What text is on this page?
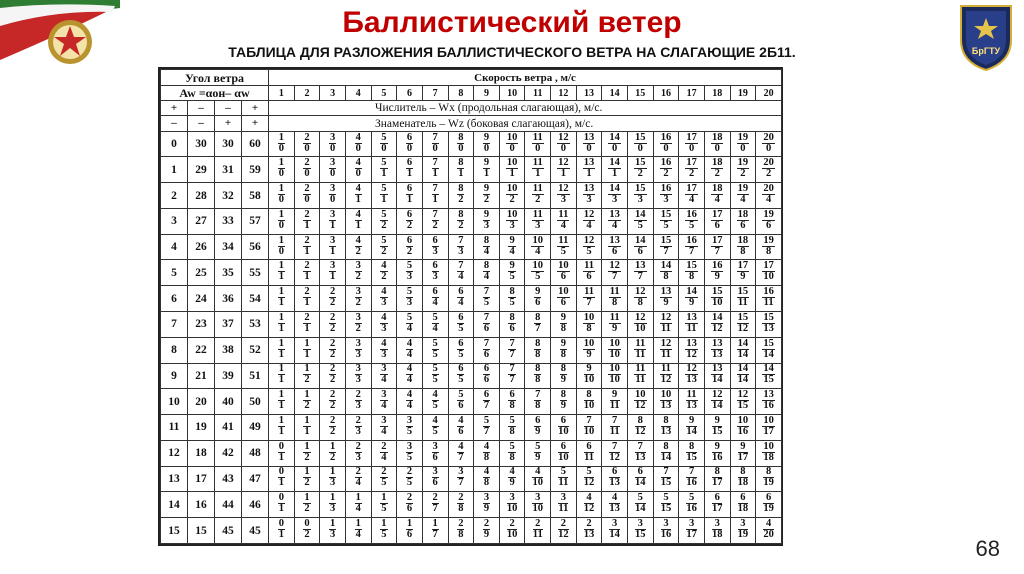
БрГТУ
Баллистический ветер
ТАБЛИЦА ДЛЯ РАЗЛОЖЕНИЯ БАЛЛИСТИЧЕСКОГО ВЕТРА НА СЛАГАЮЩИЕ 2Б11.
Угол ветра				Скорость ветра , м/с																			
Aw =αон– αw				1	2	3	4	5	6	7	8	9	10	11	12	13	14	15	16	17	18	19	20
+	–	–	+	Числитель – Wx (продольная слагающая), м/с.																			
–	–	+	+	Знаменатель – Wz (боковая слагающая), м/с.																			
0	30	30	60	$\frac{1}{0}$	$\frac{2}{0}$	$\frac{3}{0}$	$\frac{4}{0}$	$\frac{5}{0}$	$\frac{6}{0}$	$\frac{7}{0}$	$\frac{8}{0}$	$\frac{9}{0}$	$\frac{10}{0}$	$\frac{11}{0}$	$\frac{12}{0}$	$\frac{13}{0}$	$\frac{14}{0}$	$\frac{15}{0}$	$\frac{16}{0}$	$\frac{17}{0}$	$\frac{18}{0}$	$\frac{19}{0}$	$\frac{20}{0}$

1	29	31	59	$\frac{1}{0}$	$\frac{2}{0}$	$\frac{3}{0}$	$\frac{4}{0}$	$\frac{5}{1}$	$\frac{6}{1}$	$\frac{7}{1}$	$\frac{8}{1}$	$\frac{9}{1}$	$\frac{10}{1}$	$\frac{11}{1}$	$\frac{12}{1}$	$\frac{13}{1}$	$\frac{14}{1}$	$\frac{15}{2}$	$\frac{16}{2}$	$\frac{17}{2}$	$\frac{18}{2}$	$\frac{19}{2}$	$\frac{20}{2}$

2	28	32	58	$\frac{1}{0}$	$\frac{2}{0}$	$\frac{3}{0}$	$\frac{4}{1}$	$\frac{5}{1}$	$\frac{6}{1}$	$\frac{7}{1}$	$\frac{8}{2}$	$\frac{9}{2}$	$\frac{10}{2}$	$\frac{11}{2}$	$\frac{12}{3}$	$\frac{13}{3}$	$\frac{14}{3}$	$\frac{15}{3}$	$\frac{16}{3}$	$\frac{17}{4}$	$\frac{18}{4}$	$\frac{19}{4}$	$\frac{20}{4}$

3	27	33	57	$\frac{1}{0}$	$\frac{2}{1}$	$\frac{3}{1}$	$\frac{4}{1}$	$\frac{5}{2}$	$\frac{6}{2}$	$\frac{7}{2}$	$\frac{8}{2}$	$\frac{9}{3}$	$\frac{10}{3}$	$\frac{11}{3}$	$\frac{11}{4}$	$\frac{12}{4}$	$\frac{13}{4}$	$\frac{14}{5}$	$\frac{15}{5}$	$\frac{16}{5}$	$\frac{17}{6}$	$\frac{18}{6}$	$\frac{19}{6}$

4	26	34	56	$\frac{1}{0}$	$\frac{2}{1}$	$\frac{3}{1}$	$\frac{4}{2}$	$\frac{5}{2}$	$\frac{6}{2}$	$\frac{6}{3}$	$\frac{7}{3}$	$\frac{8}{4}$	$\frac{9}{4}$	$\frac{10}{4}$	$\frac{11}{5}$	$\frac{12}{5}$	$\frac{13}{6}$	$\frac{14}{6}$	$\frac{15}{7}$	$\frac{16}{7}$	$\frac{17}{7}$	$\frac{18}{8}$	$\frac{19}{8}$

5	25	35	55	$\frac{1}{1}$	$\frac{2}{1}$	$\frac{3}{1}$	$\frac{3}{2}$	$\frac{4}{2}$	$\frac{5}{3}$	$\frac{6}{3}$	$\frac{7}{4}$	$\frac{8}{4}$	$\frac{9}{5}$	$\frac{10}{5}$	$\frac{10}{6}$	$\frac{11}{6}$	$\frac{12}{7}$	$\frac{13}{7}$	$\frac{14}{8}$	$\frac{15}{8}$	$\frac{16}{9}$	$\frac{17}{9}$	$\frac{17}{10}$

6	24	36	54	$\frac{1}{1}$	$\frac{2}{1}$	$\frac{2}{2}$	$\frac{3}{2}$	$\frac{4}{3}$	$\frac{5}{3}$	$\frac{6}{4}$	$\frac{6}{4}$	$\frac{7}{5}$	$\frac{8}{5}$	$\frac{9}{6}$	$\frac{10}{6}$	$\frac{11}{7}$	$\frac{11}{8}$	$\frac{12}{8}$	$\frac{13}{9}$	$\frac{14}{9}$	$\frac{15}{10}$	$\frac{15}{11}$	$\frac{16}{11}$

7	23	37	53	$\frac{1}{1}$	$\frac{2}{1}$	$\frac{2}{2}$	$\frac{3}{2}$	$\frac{4}{3}$	$\frac{5}{4}$	$\frac{5}{4}$	$\frac{6}{5}$	$\frac{7}{6}$	$\frac{8}{6}$	$\frac{8}{7}$	$\frac{9}{8}$	$\frac{10}{8}$	$\frac{11}{9}$	$\frac{12}{10}$	$\frac{12}{11}$	$\frac{13}{11}$	$\frac{14}{12}$	$\frac{15}{12}$	$\frac{15}{13}$

8	22	38	52	$\frac{1}{1}$	$\frac{1}{1}$	$\frac{2}{2}$	$\frac{3}{3}$	$\frac{4}{3}$	$\frac{4}{4}$	$\frac{5}{5}$	$\frac{6}{5}$	$\frac{7}{6}$	$\frac{7}{7}$	$\frac{8}{8}$	$\frac{9}{8}$	$\frac{10}{9}$	$\frac{10}{10}$	$\frac{11}{11}$	$\frac{12}{11}$	$\frac{13}{12}$	$\frac{13}{13}$	$\frac{14}{14}$	$\frac{15}{14}$

9	21	39	51	$\frac{1}{1}$	$\frac{1}{2}$	$\frac{2}{2}$	$\frac{3}{3}$	$\frac{3}{4}$	$\frac{4}{4}$	$\frac{5}{5}$	$\frac{6}{5}$	$\frac{6}{6}$	$\frac{7}{7}$	$\frac{8}{8}$	$\frac{8}{9}$	$\frac{9}{10}$	$\frac{10}{10}$	$\frac{11}{11}$	$\frac{11}{12}$	$\frac{12}{13}$	$\frac{13}{14}$	$\frac{14}{14}$	$\frac{14}{15}$

10	20	40	50	$\frac{1}{1}$	$\frac{1}{2}$	$\frac{2}{2}$	$\frac{2}{3}$	$\frac{3}{4}$	$\frac{4}{4}$	$\frac{4}{5}$	$\frac{5}{6}$	$\frac{6}{7}$	$\frac{6}{8}$	$\frac{7}{8}$	$\frac{8}{9}$	$\frac{8}{10}$	$\frac{9}{11}$	$\frac{10}{12}$	$\frac{10}{13}$	$\frac{11}{13}$	$\frac{12}{14}$	$\frac{12}{15}$	$\frac{13}{16}$

11	19	41	49	$\frac{1}{1}$	$\frac{1}{1}$	$\frac{2}{2}$	$\frac{2}{3}$	$\frac{3}{4}$	$\frac{3}{5}$	$\frac{4}{5}$	$\frac{4}{6}$	$\frac{5}{7}$	$\frac{5}{8}$	$\frac{6}{9}$	$\frac{6}{10}$	$\frac{7}{10}$	$\frac{7}{11}$	$\frac{8}{12}$	$\frac{8}{13}$	$\frac{9}{14}$	$\frac{9}{15}$	$\frac{10}{16}$	$\frac{10}{17}$

12	18	42	48	$\frac{0}{1}$	$\frac{1}{2}$	$\frac{1}{2}$	$\frac{2}{3}$	$\frac{2}{4}$	$\frac{3}{5}$	$\frac{3}{6}$	$\frac{4}{7}$	$\frac{4}{8}$	$\frac{5}{8}$	$\frac{5}{9}$	$\frac{6}{10}$	$\frac{6}{11}$	$\frac{7}{12}$	$\frac{7}{13}$	$\frac{8}{14}$	$\frac{8}{15}$	$\frac{9}{16}$	$\frac{9}{17}$	$\frac{10}{18}$

13	17	43	47	$\frac{0}{1}$	$\frac{1}{2}$	$\frac{1}{3}$	$\frac{2}{4}$	$\frac{2}{5}$	$\frac{2}{5}$	$\frac{3}{6}$	$\frac{3}{7}$	$\frac{4}{8}$	$\frac{4}{9}$	$\frac{4}{10}$	$\frac{5}{11}$	$\frac{5}{12}$	$\frac{6}{13}$	$\frac{6}{14}$	$\frac{7}{15}$	$\frac{7}{16}$	$\frac{8}{17}$	$\frac{8}{18}$	$\frac{8}{19}$

14	16	44	46	$\frac{0}{1}$	$\frac{1}{2}$	$\frac{1}{3}$	$\frac{1}{4}$	$\frac{1}{5}$	$\frac{2}{6}$	$\frac{2}{7}$	$\frac{2}{8}$	$\frac{3}{9}$	$\frac{3}{10}$	$\frac{3}{10}$	$\frac{3}{11}$	$\frac{4}{12}$	$\frac{4}{13}$	$\frac{5}{14}$	$\frac{5}{15}$	$\frac{5}{16}$	$\frac{6}{17}$	$\frac{6}{18}$	$\frac{6}{19}$

15	15	45	45	$\frac{0}{1}$	$\frac{0}{2}$	$\frac{1}{3}$	$\frac{1}{4}$	$\frac{1}{5}$	$\frac{1}{6}$	$\frac{1}{7}$	$\frac{2}{8}$	$\frac{2}{9}$	$\frac{2}{10}$	$\frac{2}{11}$	$\frac{2}{12}$	$\frac{2}{13}$	$\frac{3}{14}$	$\frac{3}{15}$	$\frac{3}{16}$	$\frac{3}{17}$	$\frac{3}{18}$	$\frac{3}{19}$	$\frac{4}{20}$
68
